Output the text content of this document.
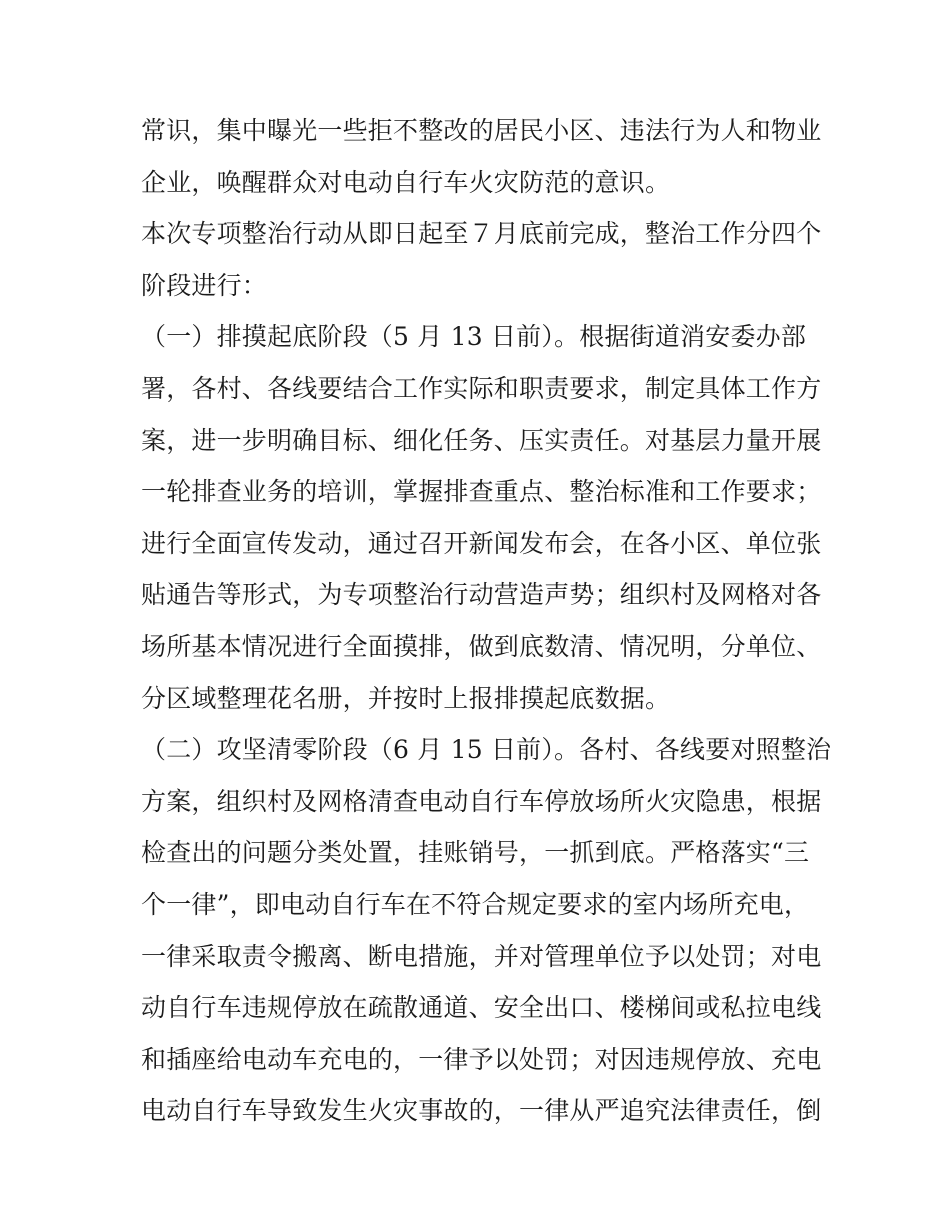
常识，集中曝光一些拒不整改的居民小区、违法行为人和物业
企业，唤醒群众对电动自行车火灾防范的意识。
本次专项整治行动从即日起至７月底前完成，整治工作分四个
阶段进行：
（一）排摸起底阶段（5 月 13 日前）。根据街道消安委办部
署，各村、各线要结合工作实际和职责要求，制定具体工作方
案，进一步明确目标、细化任务、压实责任。对基层力量开展
一轮排查业务的培训，掌握排查重点、整治标准和工作要求；
进行全面宣传发动，通过召开新闻发布会，在各小区、单位张
贴通告等形式，为专项整治行动营造声势；组织村及网格对各
场所基本情况进行全面摸排，做到底数清、情况明，分单位、
分区域整理花名册，并按时上报排摸起底数据。
（二）攻坚清零阶段（6 月 15 日前）。各村、各线要对照整治
方案，组织村及网格清查电动自行车停放场所火灾隐患，根据
检查出的问题分类处置，挂账销号，一抓到底。严格落实“三
个一律”，即电动自行车在不符合规定要求的室内场所充电，
一律采取责令搬离、断电措施，并对管理单位予以处罚；对电
动自行车违规停放在疏散通道、安全出口、楼梯间或私拉电线
和插座给电动车充电的，一律予以处罚；对因违规停放、充电
电动自行车导致发生火灾事故的，一律从严追究法律责任，倒
